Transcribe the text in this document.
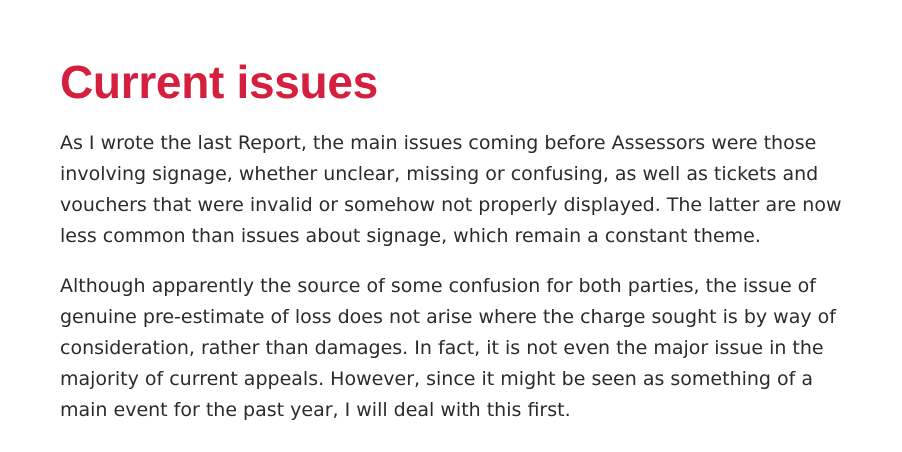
Current issues

As I wrote the last Report, the main issues coming before Assessors were those involving signage, whether unclear, missing or confusing, as well as tickets and vouchers that were invalid or somehow not properly displayed. The latter are now less common than issues about signage, which remain a constant theme.

Although apparently the source of some confusion for both parties, the issue of genuine pre-estimate of loss does not arise where the charge sought is by way of consideration, rather than damages. In fact, it is not even the major issue in the majority of current appeals. However, since it might be seen as something of a main event for the past year, I will deal with this first.
